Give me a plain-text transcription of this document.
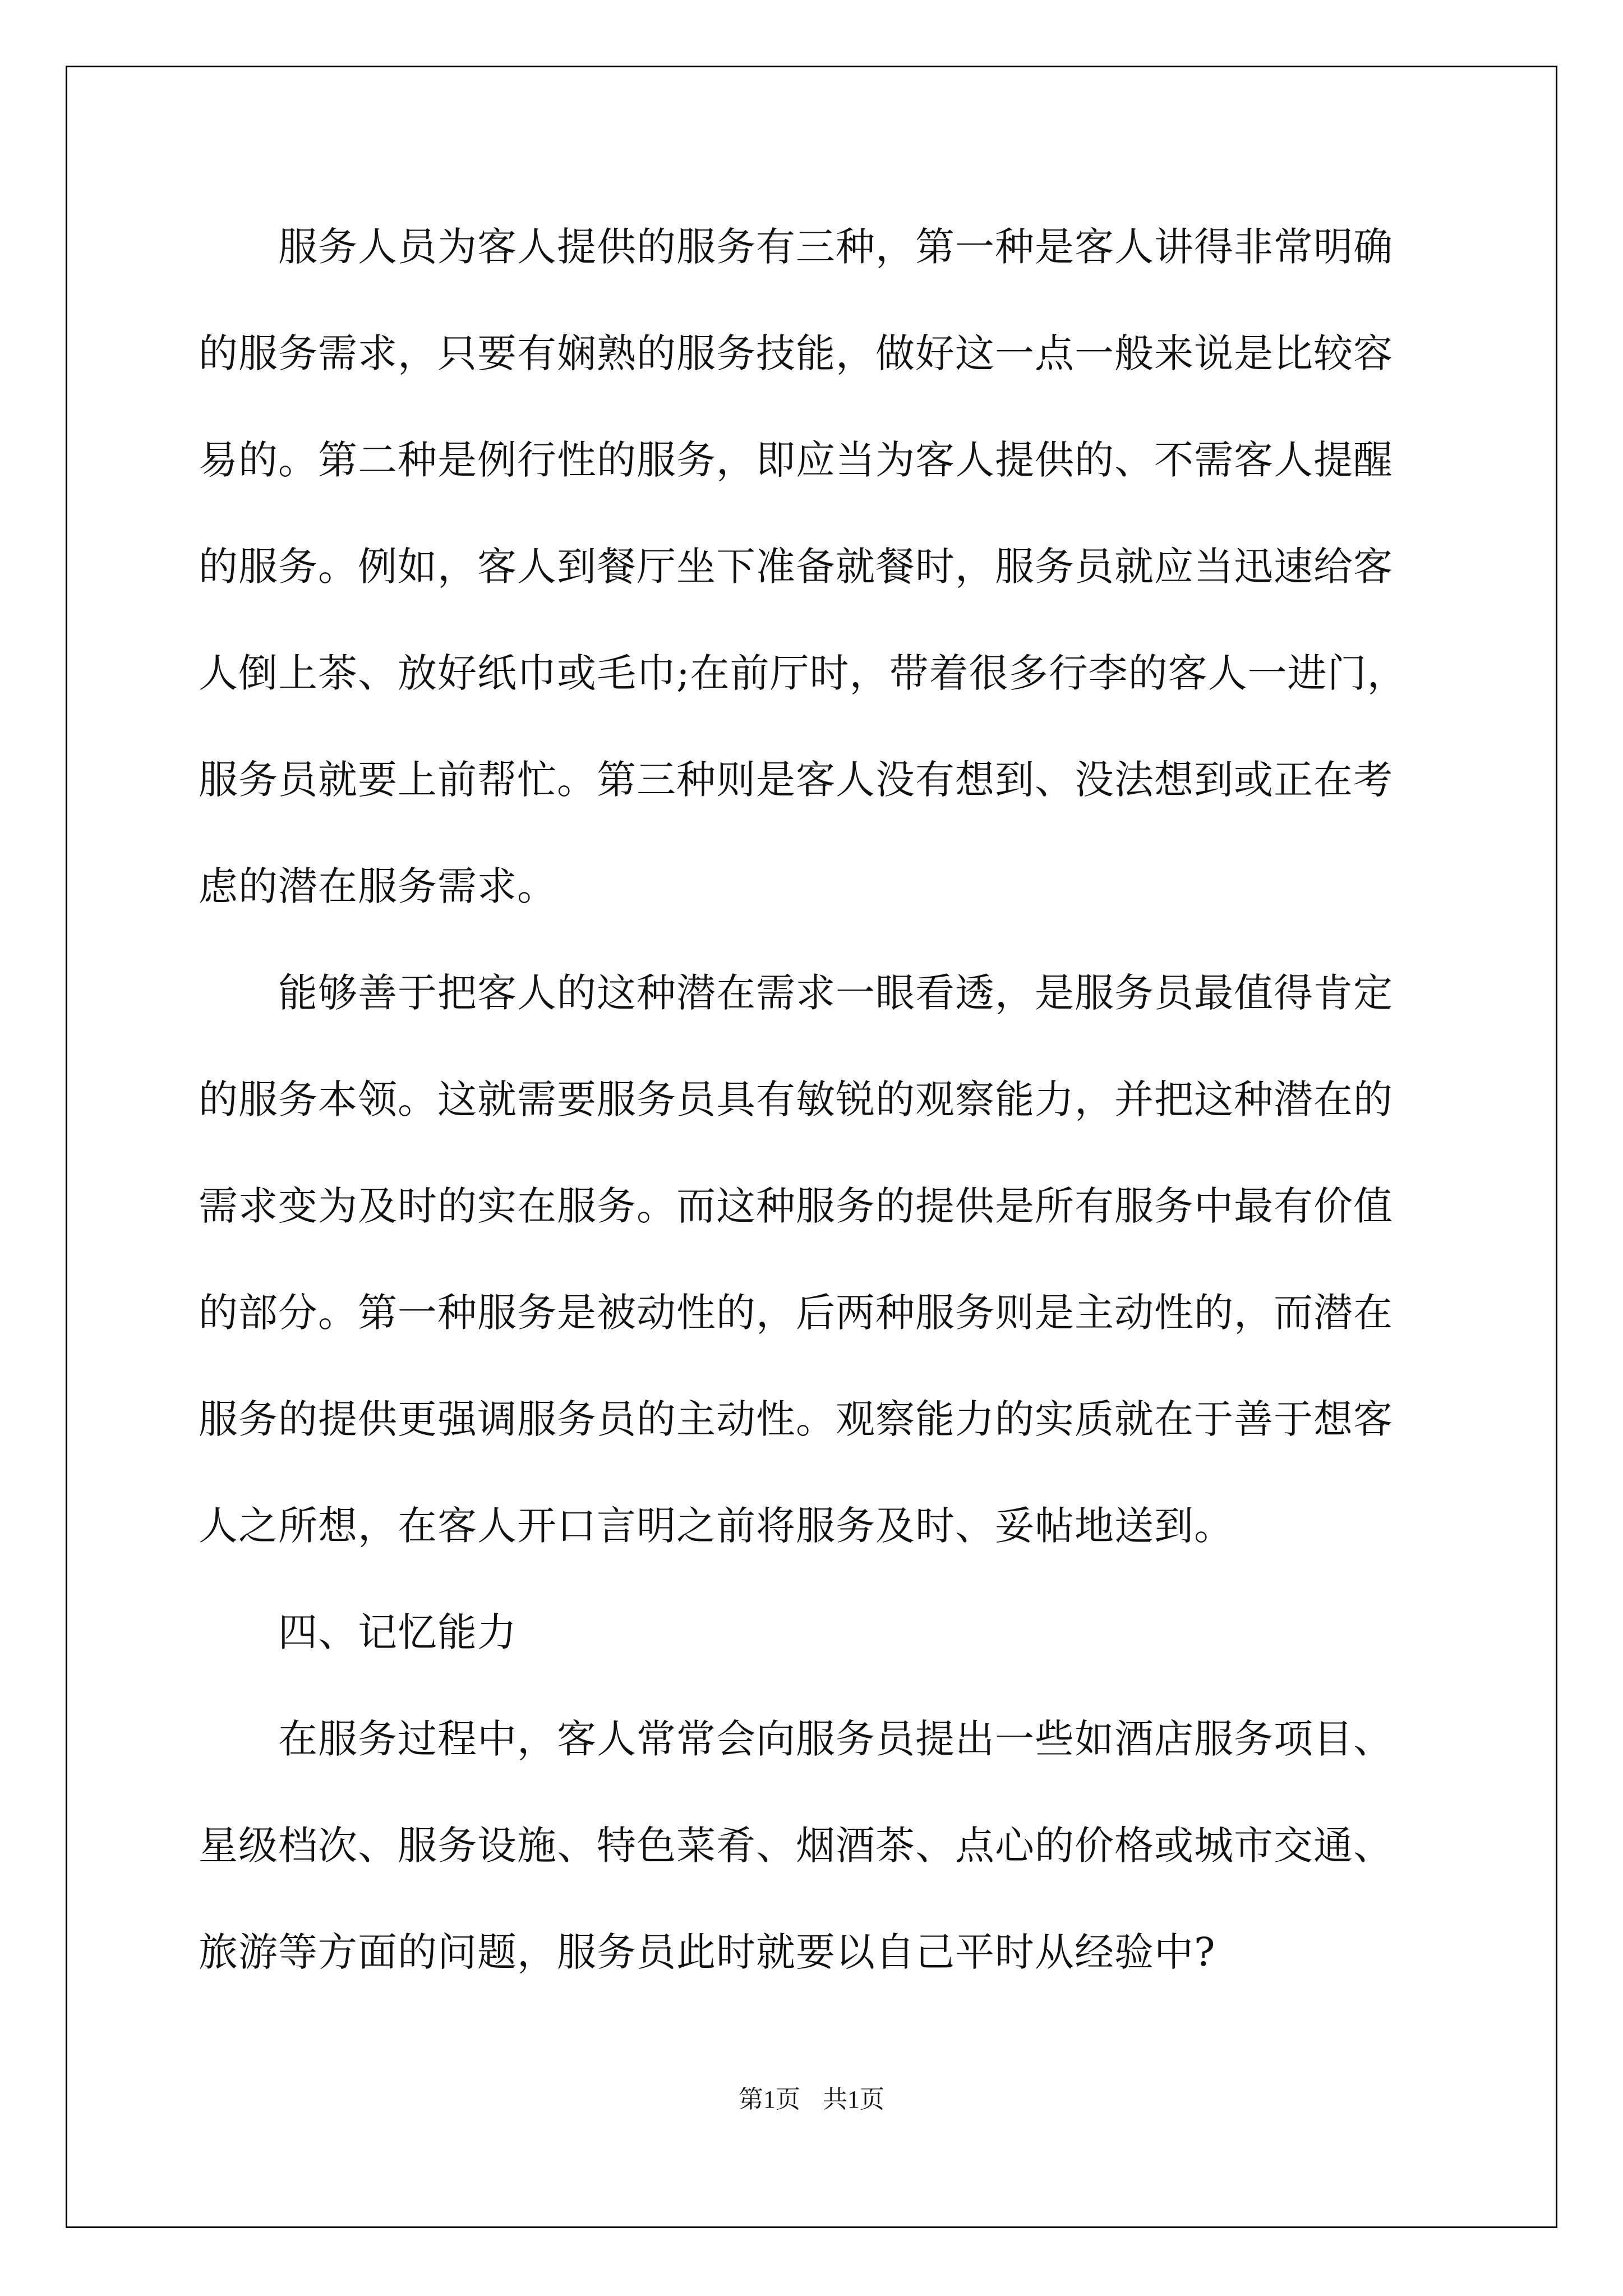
　　服务人员为客人提供的服务有三种，第一种是客人讲得非常明确
的服务需求，只要有娴熟的服务技能，做好这一点一般来说是比较容
易的。第二种是例行性的服务，即应当为客人提供的、不需客人提醒
的服务。例如，客人到餐厅坐下准备就餐时，服务员就应当迅速给客
人倒上茶、放好纸巾或毛巾;在前厅时，带着很多行李的客人一进门，
服务员就要上前帮忙。第三种则是客人没有想到、没法想到或正在考
虑的潜在服务需求。
　　能够善于把客人的这种潜在需求一眼看透，是服务员最值得肯定
的服务本领。这就需要服务员具有敏锐的观察能力，并把这种潜在的
需求变为及时的实在服务。而这种服务的提供是所有服务中最有价值
的部分。第一种服务是被动性的，后两种服务则是主动性的，而潜在
服务的提供更强调服务员的主动性。观察能力的实质就在于善于想客
人之所想，在客人开口言明之前将服务及时、妥帖地送到。
　　四、记忆能力
　　在服务过程中，客人常常会向服务员提出一些如酒店服务项目、
星级档次、服务设施、特色菜肴、烟酒茶、点心的价格或城市交通、
旅游等方面的问题，服务员此时就要以自己平时从经验中?
第1页 共1页
